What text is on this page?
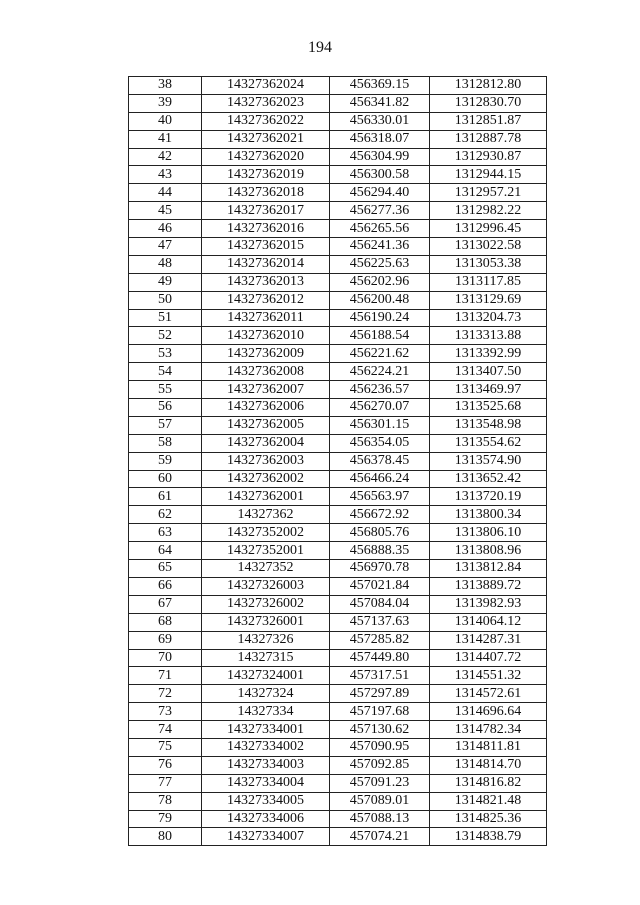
194
38	14327362024	456369.15	1312812.80
39	14327362023	456341.82	1312830.70
40	14327362022	456330.01	1312851.87
41	14327362021	456318.07	1312887.78
42	14327362020	456304.99	1312930.87
43	14327362019	456300.58	1312944.15
44	14327362018	456294.40	1312957.21
45	14327362017	456277.36	1312982.22
46	14327362016	456265.56	1312996.45
47	14327362015	456241.36	1313022.58
48	14327362014	456225.63	1313053.38
49	14327362013	456202.96	1313117.85
50	14327362012	456200.48	1313129.69
51	14327362011	456190.24	1313204.73
52	14327362010	456188.54	1313313.88
53	14327362009	456221.62	1313392.99
54	14327362008	456224.21	1313407.50
55	14327362007	456236.57	1313469.97
56	14327362006	456270.07	1313525.68
57	14327362005	456301.15	1313548.98
58	14327362004	456354.05	1313554.62
59	14327362003	456378.45	1313574.90
60	14327362002	456466.24	1313652.42
61	14327362001	456563.97	1313720.19
62	14327362	456672.92	1313800.34
63	14327352002	456805.76	1313806.10
64	14327352001	456888.35	1313808.96
65	14327352	456970.78	1313812.84
66	14327326003	457021.84	1313889.72
67	14327326002	457084.04	1313982.93
68	14327326001	457137.63	1314064.12
69	14327326	457285.82	1314287.31
70	14327315	457449.80	1314407.72
71	14327324001	457317.51	1314551.32
72	14327324	457297.89	1314572.61
73	14327334	457197.68	1314696.64
74	14327334001	457130.62	1314782.34
75	14327334002	457090.95	1314811.81
76	14327334003	457092.85	1314814.70
77	14327334004	457091.23	1314816.82
78	14327334005	457089.01	1314821.48
79	14327334006	457088.13	1314825.36
80	14327334007	457074.21	1314838.79
